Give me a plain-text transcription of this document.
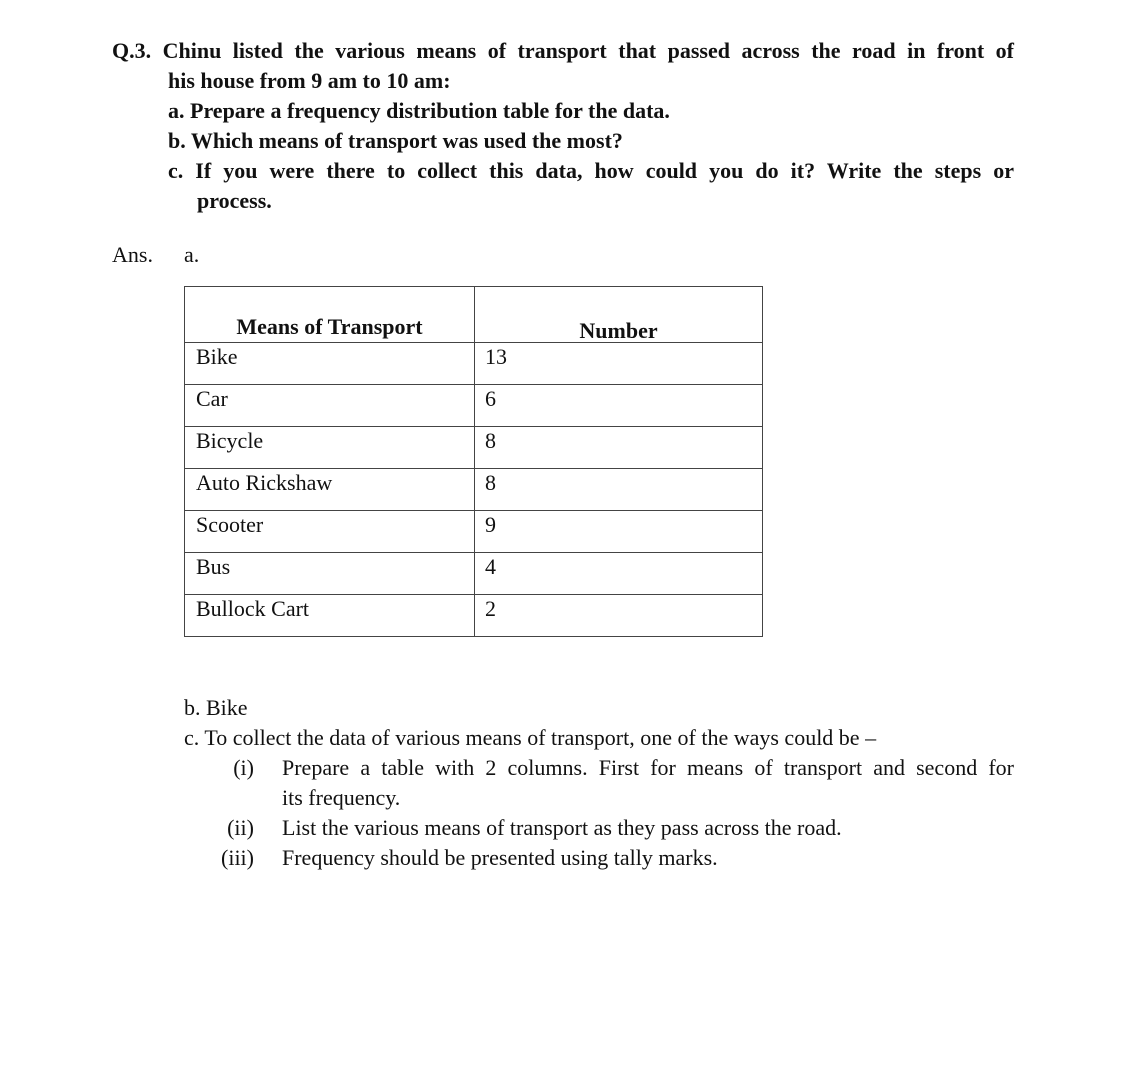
Q.3. Chinu listed the various means of transport that passed across the road in front of
his house from 9 am to 10 am:
a. Prepare a frequency distribution table for the data.
b. Which means of transport was used the most?
c. If you were there to collect this data, how could you do it? Write the steps or
process.
Ans. a.
Means of Transport	Number
Bike	13
Car	6
Bicycle	8
Auto Rickshaw	8
Scooter	9
Bus	4
Bullock Cart	2
b. Bike
c. To collect the data of various means of transport, one of the ways could be –
(i) Prepare a table with 2 columns. First for means of transport and second for
its frequency.
(ii) List the various means of transport as they pass across the road.
(iii) Frequency should be presented using tally marks.
